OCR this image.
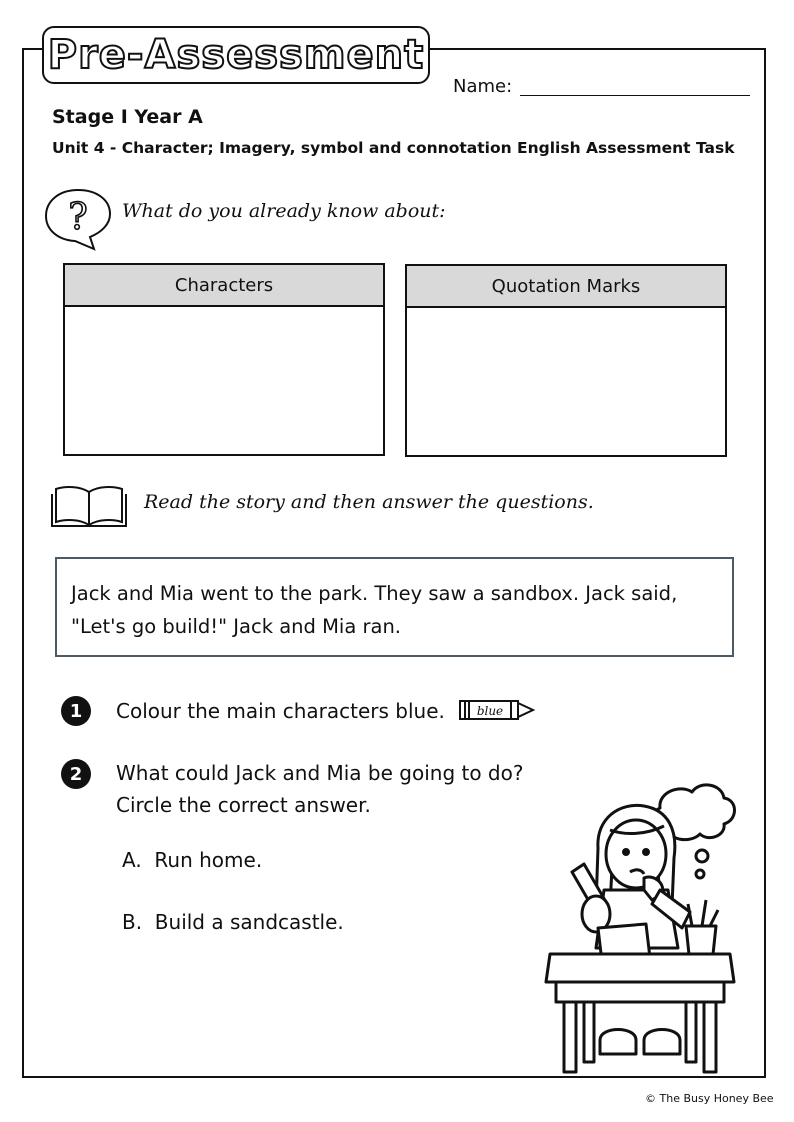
Pre-Assessment
Name:
Stage I Year A
Unit 4 - Character; Imagery, symbol and connotation English Assessment Task
? What do you already know about:
Characters	Quotation Marks
Read the story and then answer the questions.
Jack and Mia went to the park. They saw a sandbox. Jack said,
"Let's go build!" Jack and Mia ran.
1	Colour the main characters blue.	blue
2	What could Jack and Mia be going to do?
Circle the correct answer.
A. Run home.
B. Build a sandcastle.
© The Busy Honey Bee
